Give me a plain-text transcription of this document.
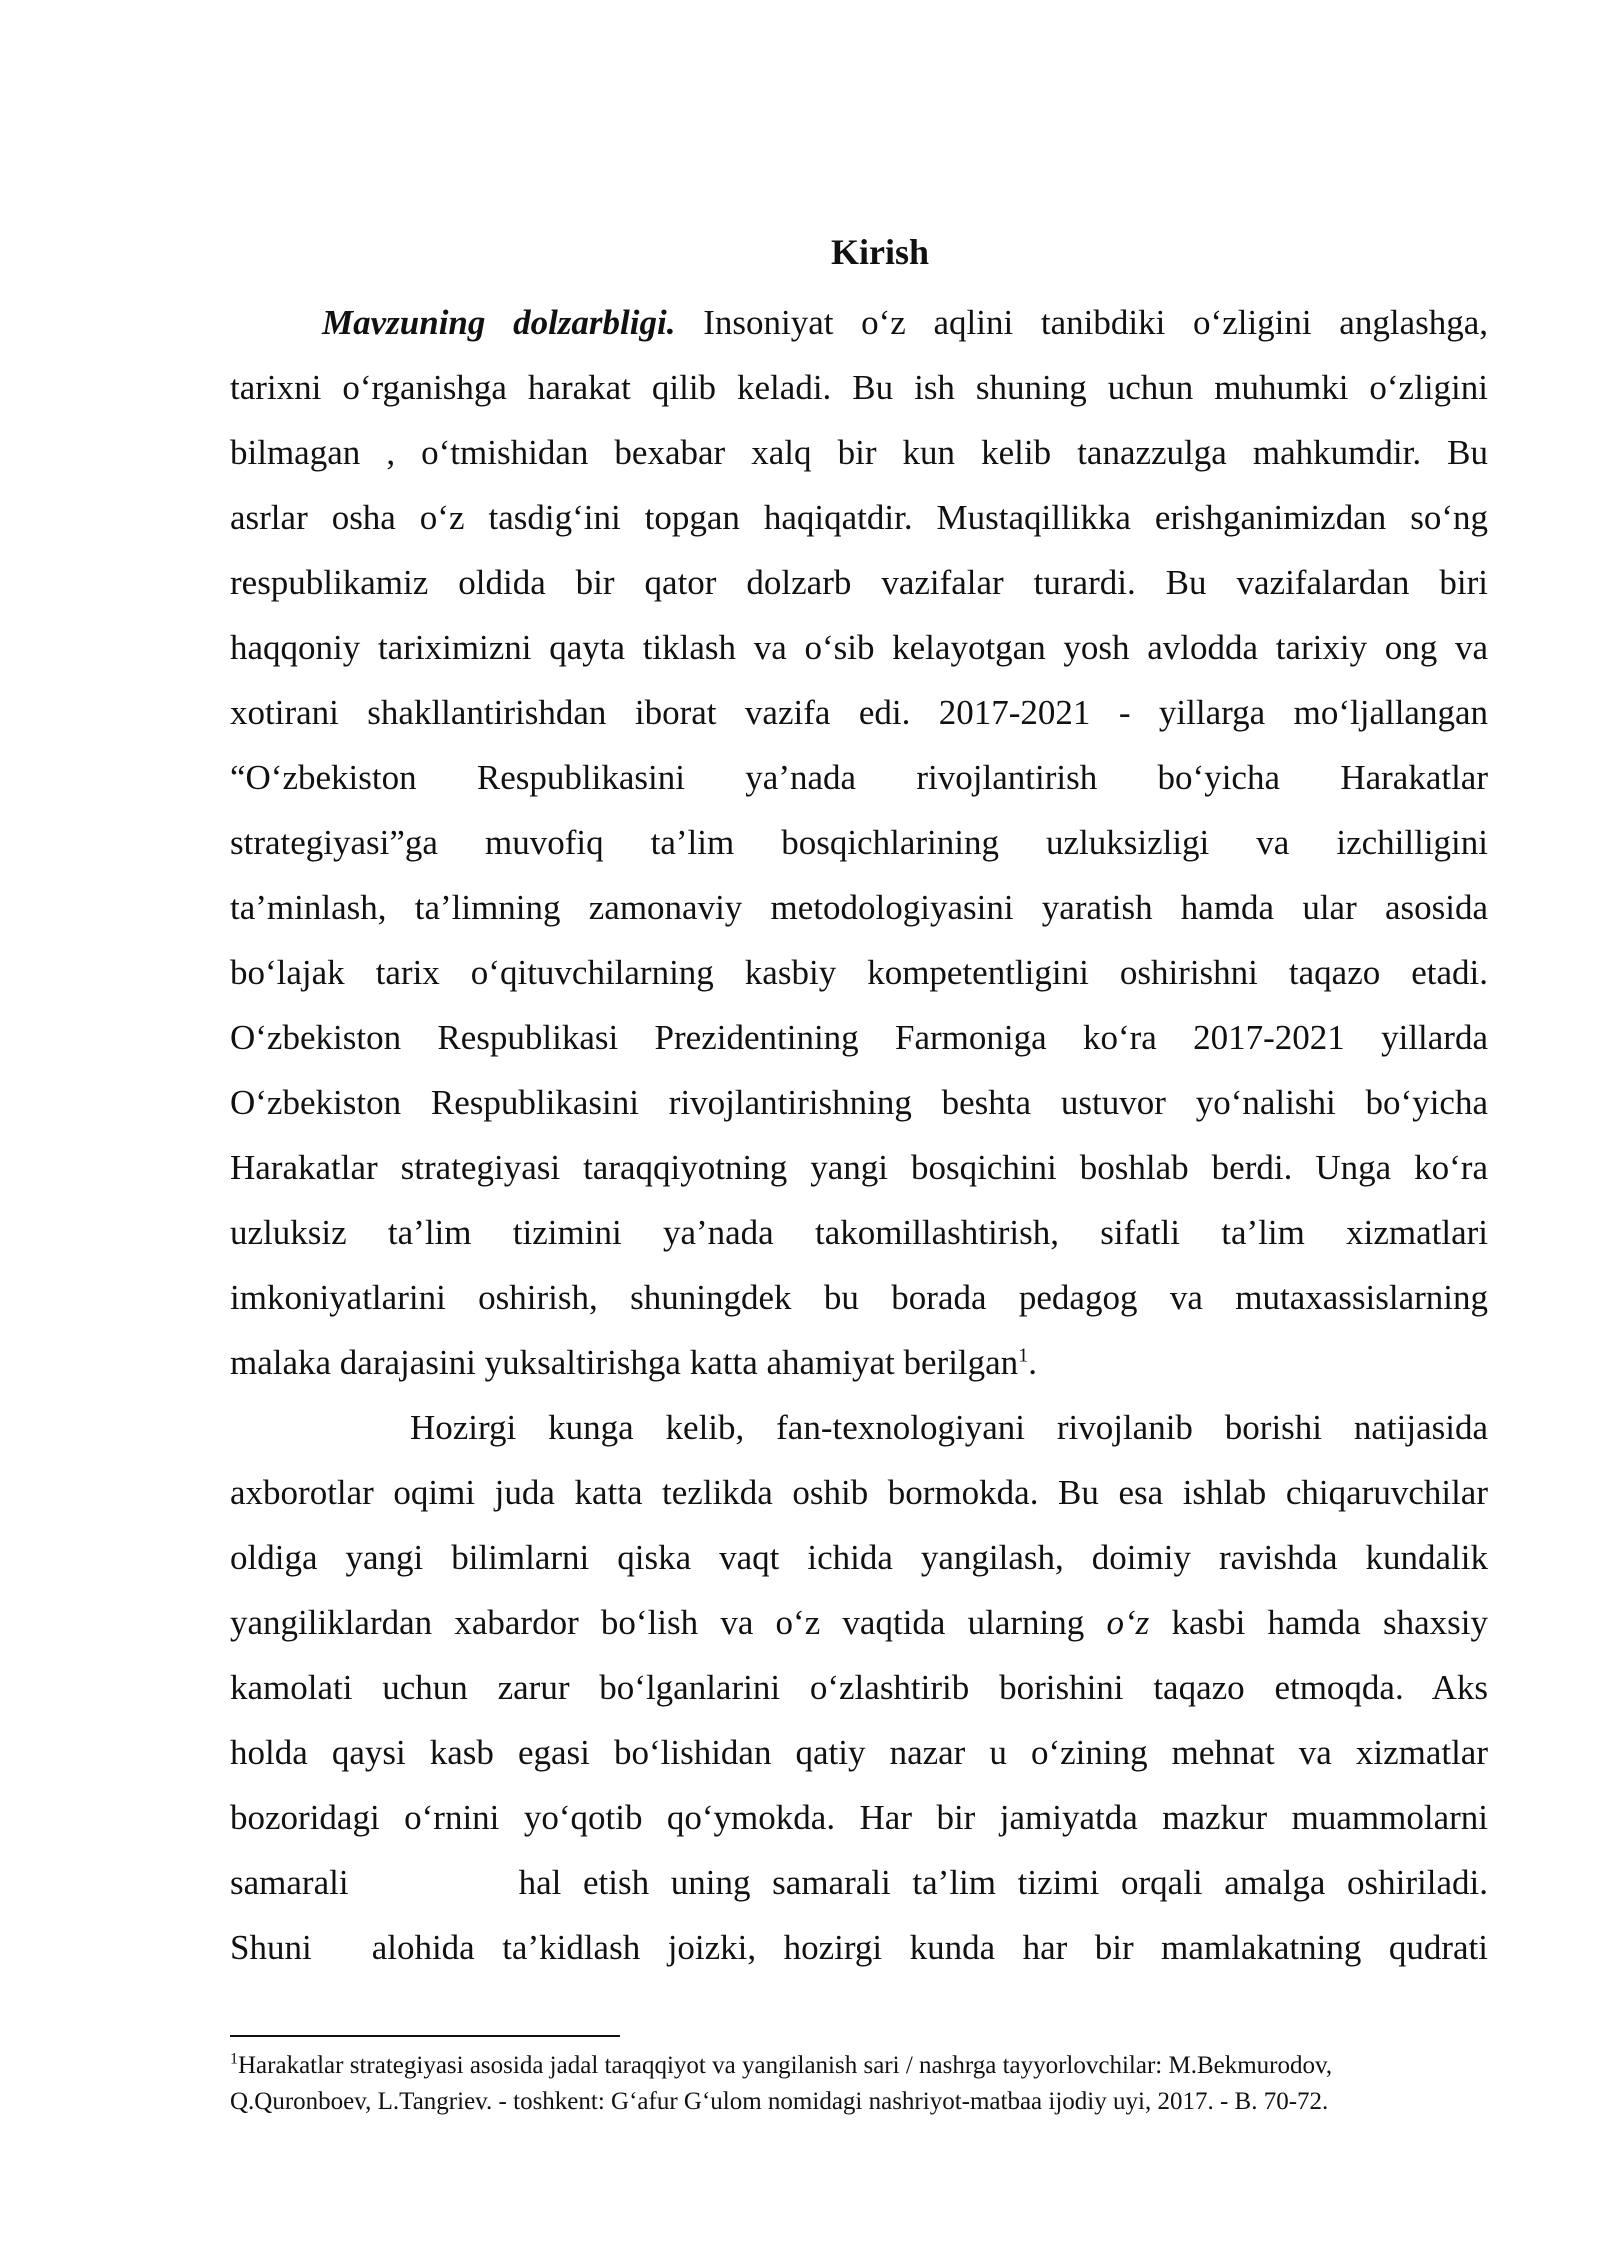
Kirish
Mavzuning dolzarbligi. Insoniyat o‘z aqlini tanibdiki o‘zligini anglashga,
tarixni o‘rganishga harakat qilib keladi. Bu ish shuning uchun muhumki o‘zligini
bilmagan , o‘tmishidan bexabar xalq bir kun kelib tanazzulga mahkumdir. Bu
asrlar osha o‘z tasdig‘ini topgan haqiqatdir. Mustaqillikka erishganimizdan so‘ng
respublikamiz oldida bir qator dolzarb vazifalar turardi. Bu vazifalardan biri
haqqoniy tariximizni qayta tiklash va o‘sib kelayotgan yosh avlodda tarixiy ong va
xotirani shakllantirishdan iborat vazifa edi. 2017-2021 - yillarga mo‘ljallangan
“O‘zbekiston Respublikasini ya’nada rivojlantirish bo‘yicha Harakatlar
strategiyasi”ga muvofiq ta’lim bosqichlarining uzluksizligi va izchilligini
ta’minlash, ta’limning zamonaviy metodologiyasini yaratish hamda ular asosida
bo‘lajak tarix o‘qituvchilarning kasbiy kompetentligini oshirishni taqazo etadi.
O‘zbekiston Respublikasi Prezidentining Farmoniga ko‘ra 2017-2021 yillarda
O‘zbekiston Respublikasini rivojlantirishning beshta ustuvor yo‘nalishi bo‘yicha
Harakatlar strategiyasi taraqqiyotning yangi bosqichini boshlab berdi. Unga ko‘ra
uzluksiz ta’lim tizimini ya’nada takomillashtirish, sifatli ta’lim xizmatlari
imkoniyatlarini oshirish, shuningdek bu borada pedagog va mutaxassislarning
malaka darajasini yuksaltirishga katta ahamiyat berilgan$^1$.
Hozirgi kunga kelib, fan-texnologiyani rivojlanib borishi natijasida
axborotlar oqimi juda katta tezlikda oshib bormokda. Bu esa ishlab chiqaruvchilar
oldiga yangi bilimlarni qiska vaqt ichida yangilash, doimiy ravishda kundalik
yangiliklardan xabardor bo‘lish va o‘z vaqtida ularning o‘z kasbi hamda shaxsiy
kamolati uchun zarur bo‘lganlarini o‘zlashtirib borishini taqazo etmoqda. Aks
holda qaysi kasb egasi bo‘lishidan qatiy nazar u o‘zining mehnat va xizmatlar
bozoridagi o‘rnini yo‘qotib qo‘ymokda. Har bir jamiyatda mazkur muammolarni
samarali	hal etish uning samarali ta’lim tizimi orqali amalga oshiriladi.
Shuni alohida ta’kidlash joizki, hozirgi kunda har bir mamlakatning qudrati
$^1$Harakatlar strategiyasi asosida jadal taraqqiyot va yangilanish sari / nashrga tayyorlovchilar: M.Bekmurodov,
Q.Quronboev, L.Tangriev. - toshkent: G‘afur G‘ulom nomidagi nashriyot-matbaa ijodiy uyi, 2017. - B. 70-72.
